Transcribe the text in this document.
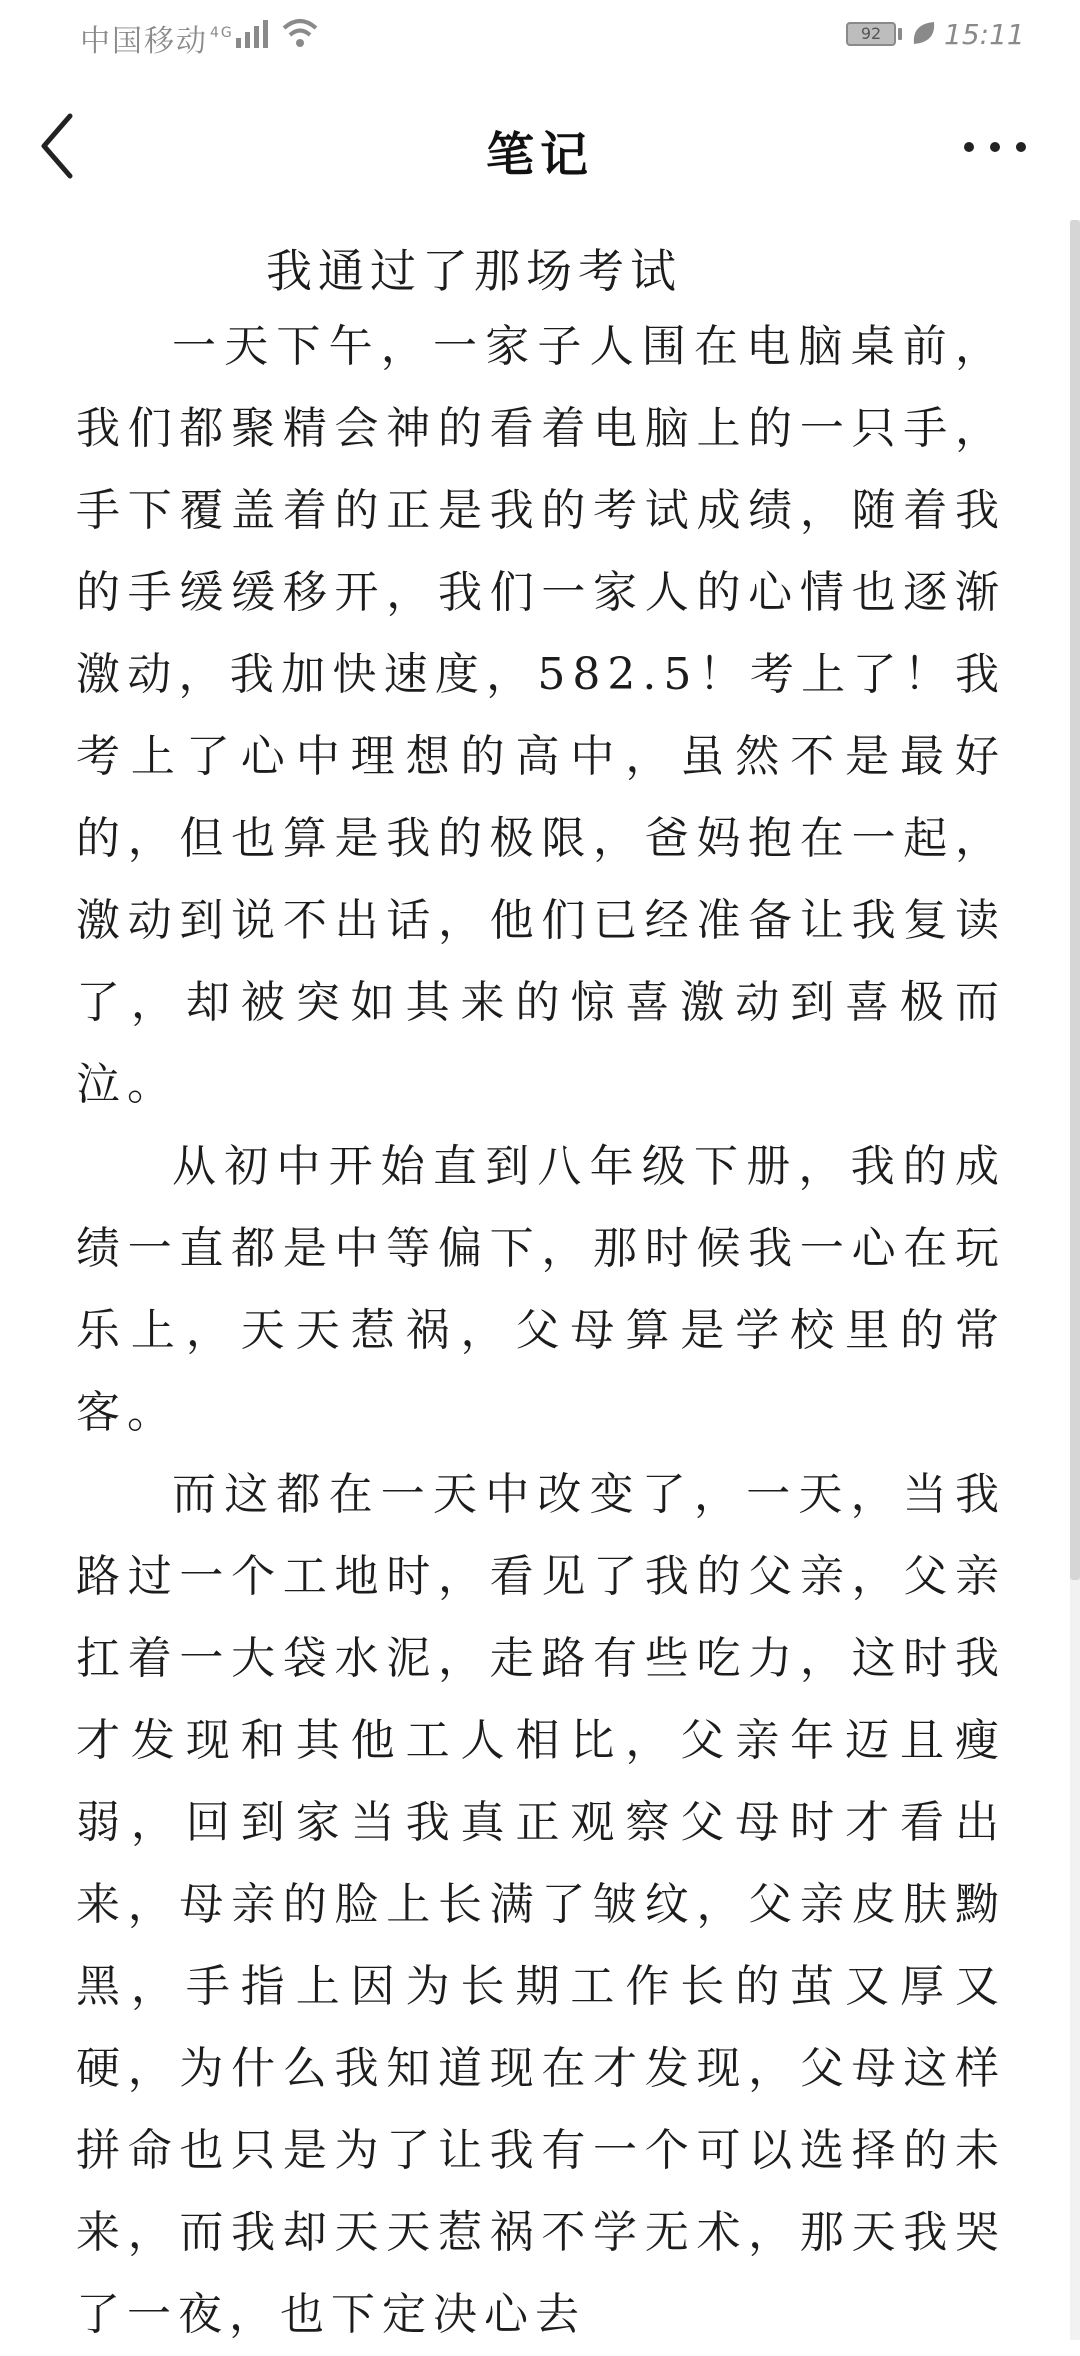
中国移动 $^{4G}$	92	15:11
笔记
我通过了那场考试

一天下午，一家子人围在电脑桌前，我们都聚精会神的看着电脑上的一只手，手下覆盖着的正是我的考试成绩，随着我的手缓缓移开，我们一家人的心情也逐渐激动，我加快速度，582.5！考上了！我考上了心中理想的高中，虽然不是最好的，但也算是我的极限，爸妈抱在一起，激动到说不出话，他们已经准备让我复读了，却被突如其来的惊喜激动到喜极而泣。

从初中开始直到八年级下册，我的成绩一直都是中等偏下，那时候我一心在玩乐上，天天惹祸，父母算是学校里的常客。

而这都在一天中改变了，一天，当我路过一个工地时，看见了我的父亲，父亲扛着一大袋水泥，走路有些吃力，这时我才发现和其他工人相比，父亲年迈且瘦弱，回到家当我真正观察父母时才看出来，母亲的脸上长满了皱纹，父亲皮肤黝黑，手指上因为长期工作长的茧又厚又硬，为什么我知道现在才发现，父母这样拼命也只是为了让我有一个可以选择的未来，而我却天天惹祸不学无术，那天我哭了一夜，也下定决心去
